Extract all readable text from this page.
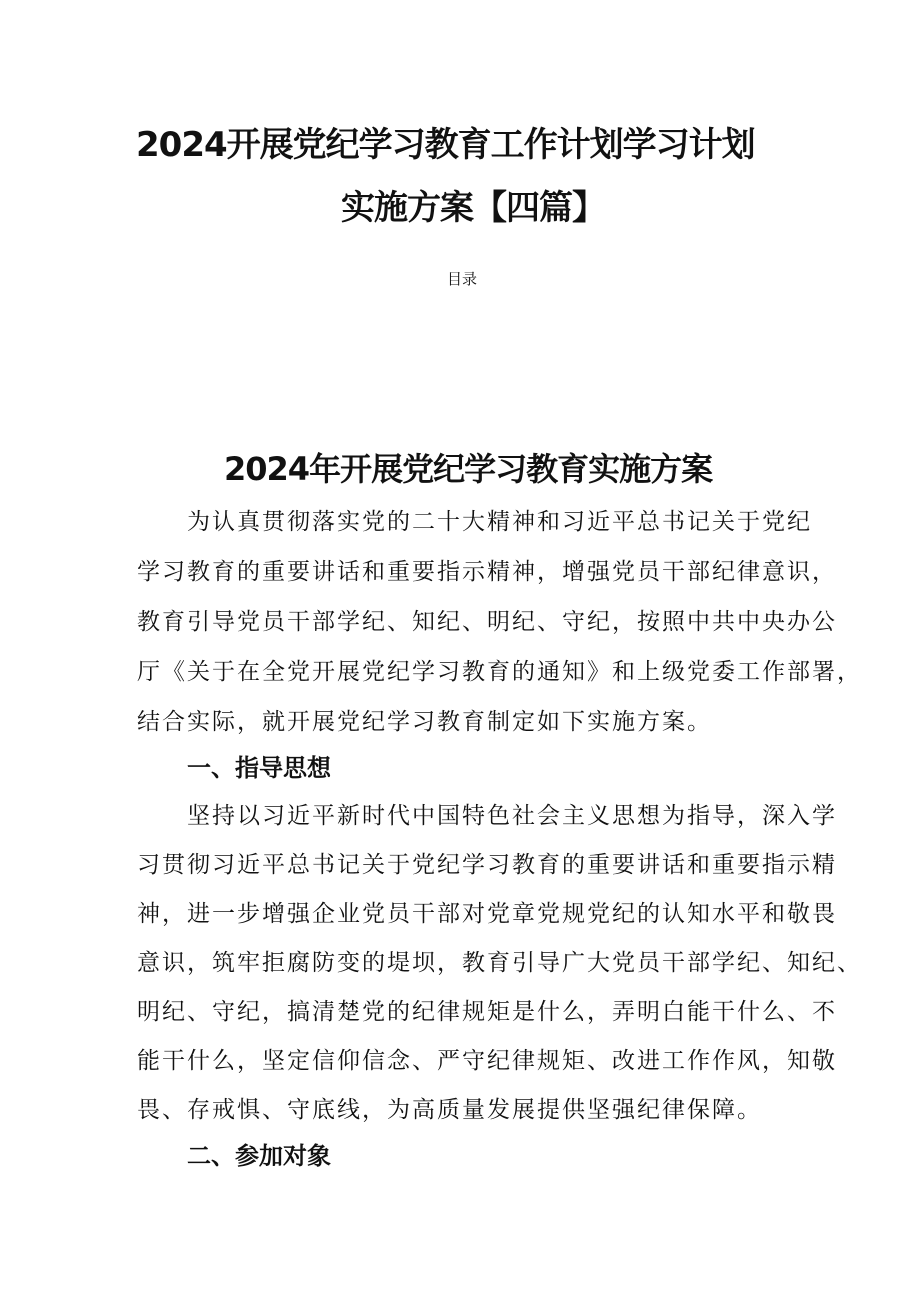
2024开展党纪学习教育工作计划学习计划
实施方案【四篇】
目录
2024年开展党纪学习教育实施方案
为认真贯彻落实党的二十大精神和习近平总书记关于党纪
学习教育的重要讲话和重要指示精神，增强党员干部纪律意识，
教育引导党员干部学纪、知纪、明纪、守纪，按照中共中央办公
厅《关于在全党开展党纪学习教育的通知》和上级党委工作部署，
结合实际，就开展党纪学习教育制定如下实施方案。
一、指导思想
坚持以习近平新时代中国特色社会主义思想为指导，深入学
习贯彻习近平总书记关于党纪学习教育的重要讲话和重要指示精
神，进一步增强企业党员干部对党章党规党纪的认知水平和敬畏
意识，筑牢拒腐防变的堤坝，教育引导广大党员干部学纪、知纪、
明纪、守纪，搞清楚党的纪律规矩是什么，弄明白能干什么、不
能干什么，坚定信仰信念、严守纪律规矩、改进工作作风，知敬
畏、存戒惧、守底线，为高质量发展提供坚强纪律保障。
二、参加对象
